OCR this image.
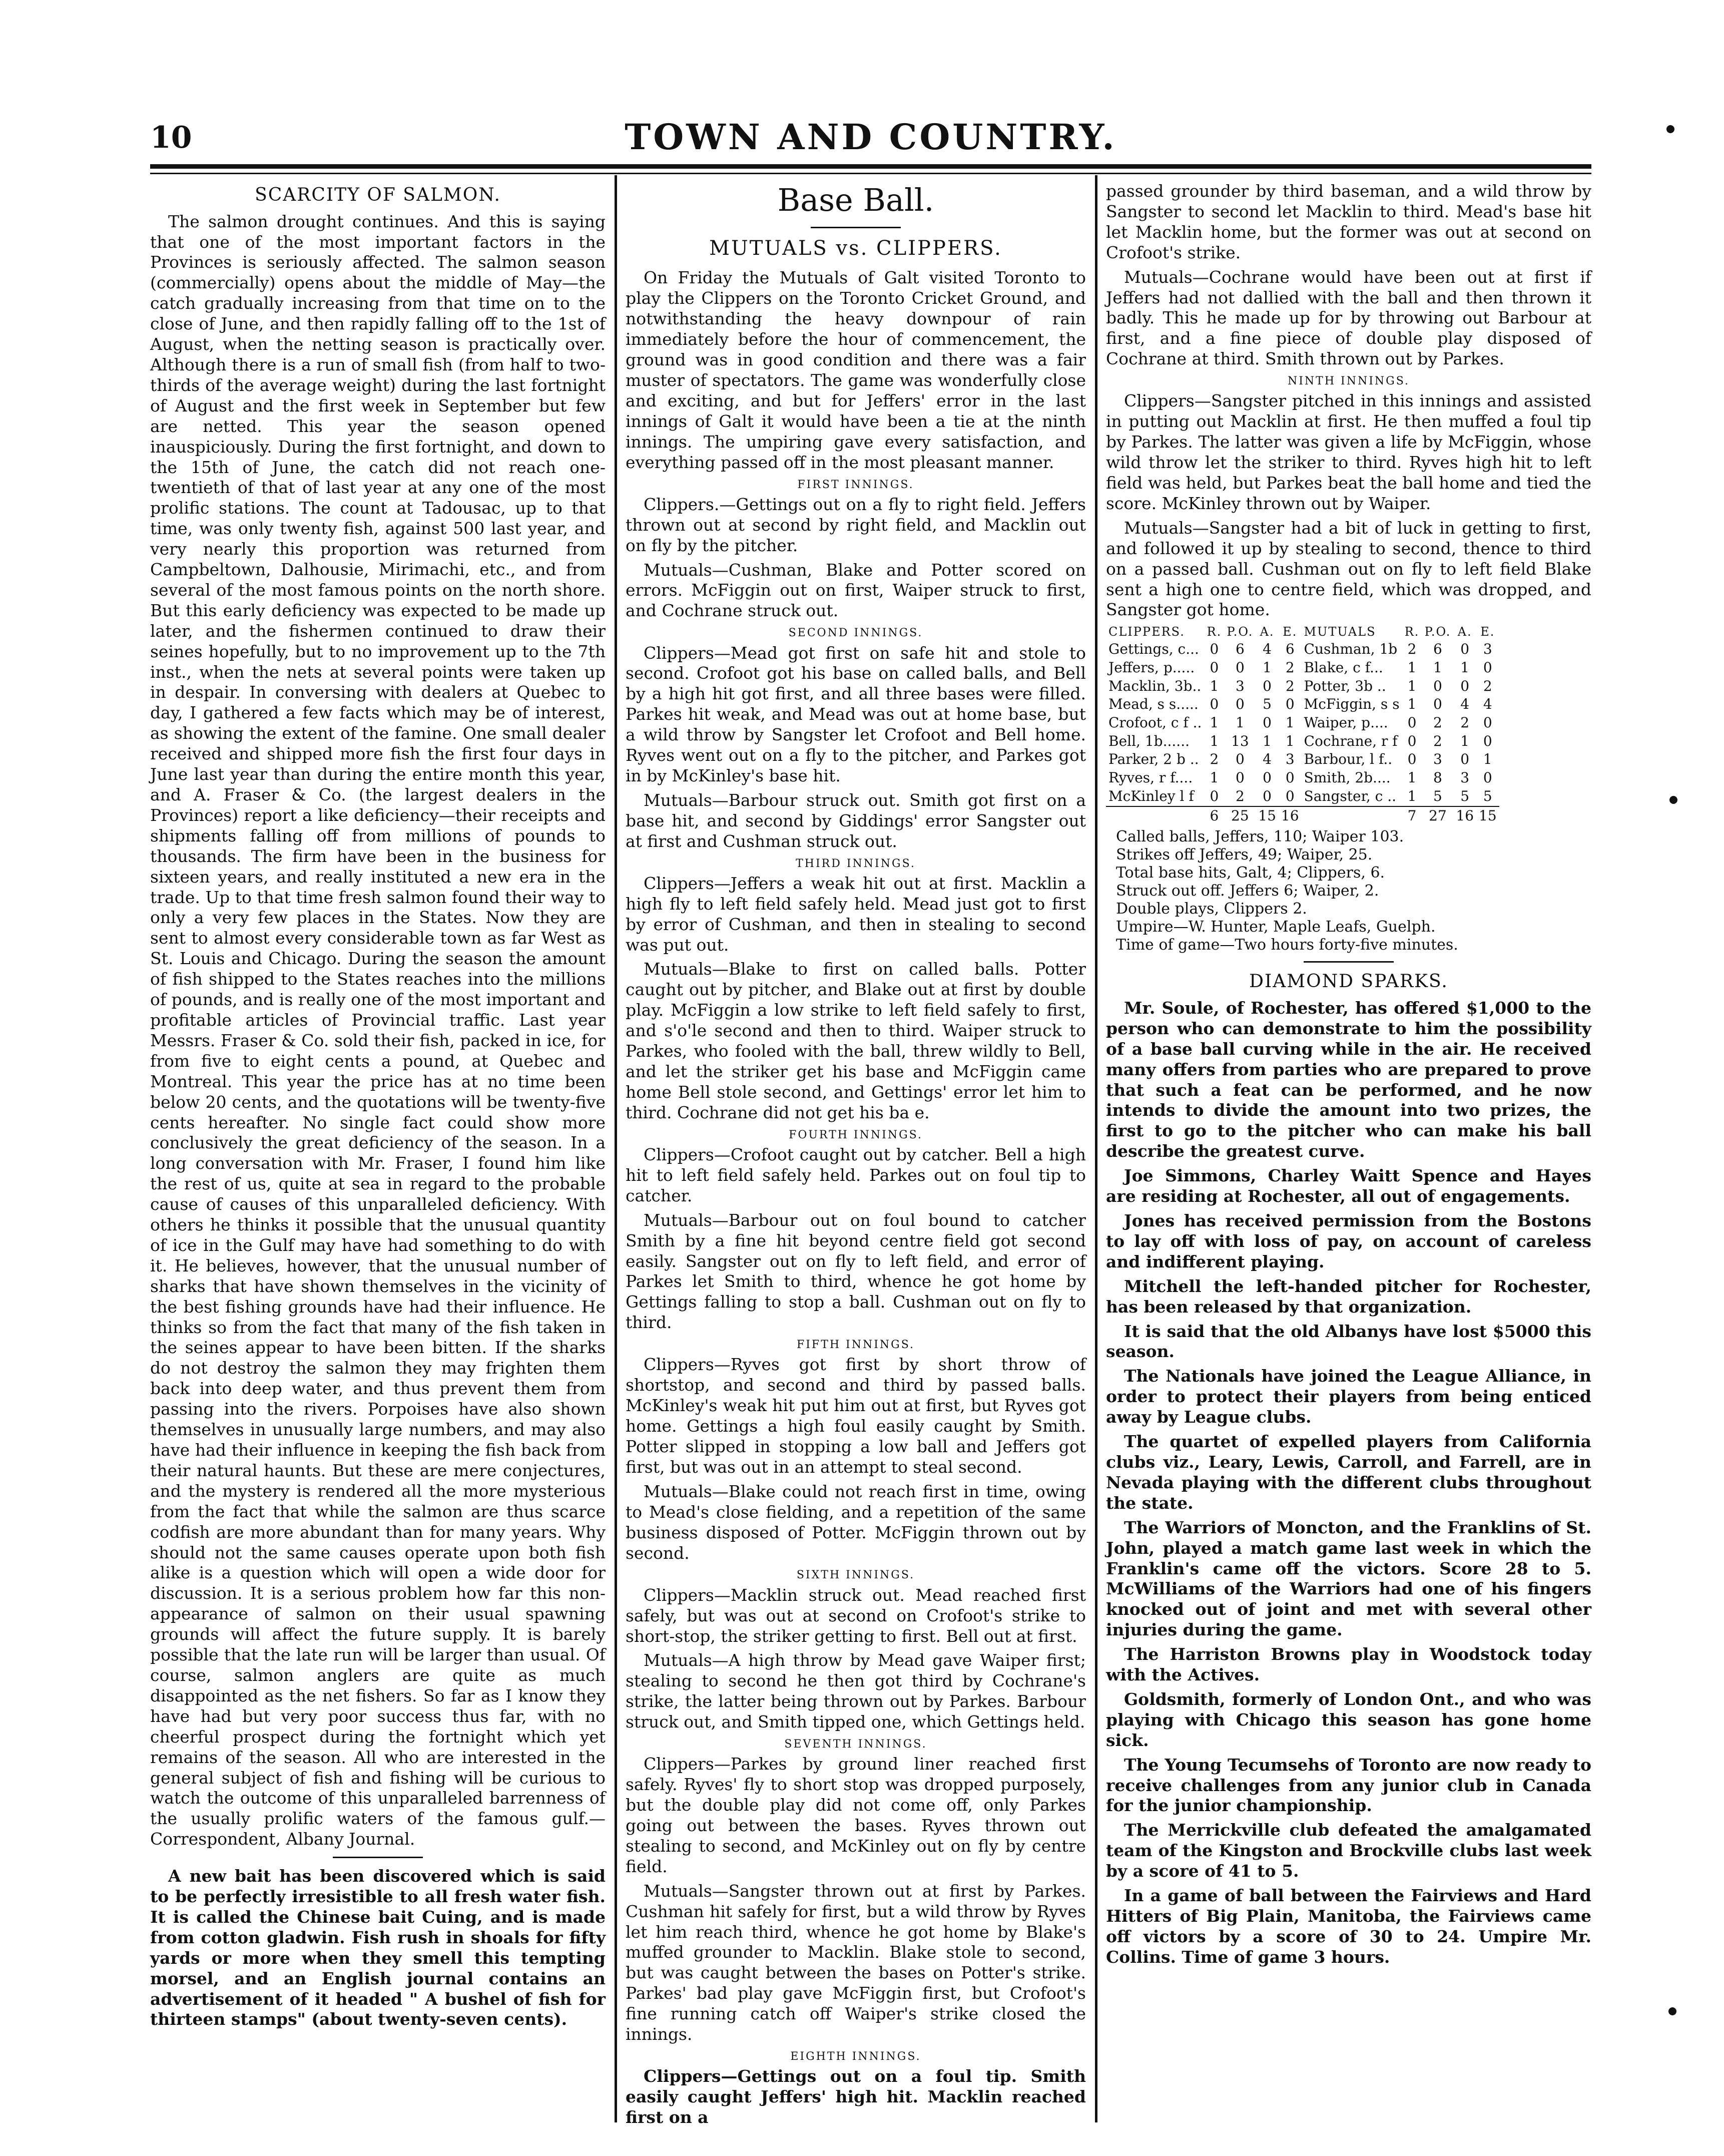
10	TOWN AND COUNTRY.
SCARCITY OF SALMON.

The salmon drought continues. And this is saying that one of the most important factors in the Provinces is seriously affected. The salmon season (commercially) opens about the middle of May—the catch gradually increasing from that time on to the close of June, and then rapidly falling off to the 1st of August, when the netting season is practically over. Although there is a run of small fish (from half to two-thirds of the average weight) during the last fortnight of August and the first week in September but few are netted. This year the season opened inauspiciously. During the first fortnight, and down to the 15th of June, the catch did not reach one-twentieth of that of last year at any one of the most prolific stations. The count at Tadousac, up to that time, was only twenty fish, against 500 last year, and very nearly this proportion was returned from Campbeltown, Dalhousie, Mirimachi, etc., and from several of the most famous points on the north shore. But this early deficiency was expected to be made up later, and the fishermen continued to draw their seines hopefully, but to no improvement up to the 7th inst., when the nets at several points were taken up in despair. In conversing with dealers at Quebec to day, I gathered a few facts which may be of interest, as showing the extent of the famine. One small dealer received and shipped more fish the first four days in June last year than during the entire month this year, and A. Fraser & Co. (the largest dealers in the Provinces) report a like deficiency—their receipts and shipments falling off from millions of pounds to thousands. The firm have been in the business for sixteen years, and really instituted a new era in the trade. Up to that time fresh salmon found their way to only a very few places in the States. Now they are sent to almost every considerable town as far West as St. Louis and Chicago. During the season the amount of fish shipped to the States reaches into the millions of pounds, and is really one of the most important and profitable articles of Provincial traffic. Last year Messrs. Fraser & Co. sold their fish, packed in ice, for from five to eight cents a pound, at Quebec and Montreal. This year the price has at no time been below 20 cents, and the quotations will be twenty-five cents hereafter. No single fact could show more conclusively the great deficiency of the season. In a long conversation with Mr. Fraser, I found him like the rest of us, quite at sea in regard to the probable cause of causes of this unparalleled deficiency. With others he thinks it possible that the unusual quantity of ice in the Gulf may have had something to do with it. He believes, however, that the unusual number of sharks that have shown themselves in the vicinity of the best fishing grounds have had their influence. He thinks so from the fact that many of the fish taken in the seines appear to have been bitten. If the sharks do not destroy the salmon they may frighten them back into deep water, and thus prevent them from passing into the rivers. Porpoises have also shown themselves in unusually large numbers, and may also have had their influence in keeping the fish back from their natural haunts. But these are mere conjectures, and the mystery is rendered all the more mysterious from the fact that while the salmon are thus scarce codfish are more abundant than for many years. Why should not the same causes operate upon both fish alike is a question which will open a wide door for discussion. It is a serious problem how far this non-appearance of salmon on their usual spawning grounds will affect the future supply. It is barely possible that the late run will be larger than usual. Of course, salmon anglers are quite as much disappointed as the net fishers. So far as I know they have had but very poor success thus far, with no cheerful prospect during the fortnight which yet remains of the season. All who are interested in the general subject of fish and fishing will be curious to watch the outcome of this unparalleled barrenness of the usually prolific waters of the famous gulf.—Correspondent, Albany Journal.

A new bait has been discovered which is said to be perfectly irresistible to all fresh water fish. It is called the Chinese bait Cuing, and is made from cotton gladwin. Fish rush in shoals for fifty yards or more when they smell this tempting morsel, and an English journal contains an advertisement of it headed " A bushel of fish for thirteen stamps" (about twenty-seven cents).

Base Ball.
MUTUALS vs. CLIPPERS.

On Friday the Mutuals of Galt visited Toronto to play the Clippers on the Toronto Cricket Ground, and notwithstanding the heavy downpour of rain immediately before the hour of commencement, the ground was in good condition and there was a fair muster of spectators. The game was wonderfully close and exciting, and but for Jeffers' error in the last innings of Galt it would have been a tie at the ninth innings. The umpiring gave every satisfaction, and everything passed off in the most pleasant manner.

FIRST INNINGS.

Clippers.—Gettings out on a fly to right field. Jeffers thrown out at second by right field, and Macklin out on fly by the pitcher.

Mutuals—Cushman, Blake and Potter scored on errors. McFiggin out on first, Waiper struck to first, and Cochrane struck out.

SECOND INNINGS.

Clippers—Mead got first on safe hit and stole to second. Crofoot got his base on called balls, and Bell by a high hit got first, and all three bases were filled. Parkes hit weak, and Mead was out at home base, but a wild throw by Sangster let Crofoot and Bell home. Ryves went out on a fly to the pitcher, and Parkes got in by McKinley's base hit.

Mutuals—Barbour struck out. Smith got first on a base hit, and second by Giddings' error Sangster out at first and Cushman struck out.

THIRD INNINGS.

Clippers—Jeffers a weak hit out at first. Macklin a high fly to left field safely held. Mead just got to first by error of Cushman, and then in stealing to second was put out.

Mutuals—Blake to first on called balls. Potter caught out by pitcher, and Blake out at first by double play. McFiggin a low strike to left field safely to first, and s'o'le second and then to third. Waiper struck to Parkes, who fooled with the ball, threw wildly to Bell, and let the striker get his base and McFiggin came home Bell stole second, and Gettings' error let him to third. Cochrane did not get his ba e.

FOURTH INNINGS.

Clippers—Crofoot caught out by catcher. Bell a high hit to left field safely held. Parkes out on foul tip to catcher.

Mutuals—Barbour out on foul bound to catcher Smith by a fine hit beyond centre field got second easily. Sangster out on fly to left field, and error of Parkes let Smith to third, whence he got home by Gettings falling to stop a ball. Cushman out on fly to third.

FIFTH INNINGS.

Clippers—Ryves got first by short throw of shortstop, and second and third by passed balls. McKinley's weak hit put him out at first, but Ryves got home. Gettings a high foul easily caught by Smith. Potter slipped in stopping a low ball and Jeffers got first, but was out in an attempt to steal second.

Mutuals—Blake could not reach first in time, owing to Mead's close fielding, and a repetition of the same business disposed of Potter. McFiggin thrown out by second.

SIXTH INNINGS.

Clippers—Macklin struck out. Mead reached first safely, but was out at second on Crofoot's strike to short-stop, the striker getting to first. Bell out at first.

Mutuals—A high throw by Mead gave Waiper first; stealing to second he then got third by Cochrane's strike, the latter being thrown out by Parkes. Barbour struck out, and Smith tipped one, which Gettings held.

SEVENTH INNINGS.

Clippers—Parkes by ground liner reached first safely. Ryves' fly to short stop was dropped purposely, but the double play did not come off, only Parkes going out between the bases. Ryves thrown out stealing to second, and McKinley out on fly by centre field.

Mutuals—Sangster thrown out at first by Parkes. Cushman hit safely for first, but a wild throw by Ryves let him reach third, whence he got home by Blake's muffed grounder to Macklin. Blake stole to second, but was caught between the bases on Potter's strike. Parkes' bad play gave McFiggin first, but Crofoot's fine running catch off Waiper's strike closed the innings.

EIGHTH INNINGS.

Clippers—Gettings out on a foul tip. Smith easily caught Jeffers' high hit. Macklin reached first on a

passed grounder by third baseman, and a wild throw by Sangster to second let Macklin to third. Mead's base hit let Macklin home, but the former was out at second on Crofoot's strike.

Mutuals—Cochrane would have been out at first if Jeffers had not dallied with the ball and then thrown it badly. This he made up for by throwing out Barbour at first, and a fine piece of double play disposed of Cochrane at third. Smith thrown out by Parkes.

NINTH INNINGS.

Clippers—Sangster pitched in this innings and assisted in putting out Macklin at first. He then muffed a foul tip by Parkes. The latter was given a life by McFiggin, whose wild throw let the striker to third. Ryves high hit to left field was held, but Parkes beat the ball home and tied the score. McKinley thrown out by Waiper.

Mutuals—Sangster had a bit of luck in getting to first, and followed it up by stealing to second, thence to third on a passed ball. Cushman out on fly to left field Blake sent a high one to centre field, which was dropped, and Sangster got home.

CLIPPERS.	R.	P.O.	A.	E.	MUTUALS	R.	P.O.	A.	E.
Gettings, c...	0	6	4	6	Cushman, 1b	2	6	0	3
Jeffers, p.....	0	0	1	2	Blake, c f...	1	1	1	0
Macklin, 3b..	1	3	0	2	Potter, 3b ..	1	0	0	2
Mead, s s.....	0	0	5	0	McFiggin, s s	1	0	4	4
Crofoot, c f ..	1	1	0	1	Waiper, p....	0	2	2	0
Bell, 1b......	1	13	1	1	Cochrane, r f	0	2	1	0
Parker, 2 b ..	2	0	4	3	Barbour, l f..	0	3	0	1
Ryves, r f....	1	0	0	0	Smith, 2b....	1	8	3	0
McKinley l f	0	2	0	0	Sangster, c ..	1	5	5	5
	6	25	15	16		7	27	16	15
Called balls, Jeffers, 110; Waiper 103.
Strikes off Jeffers, 49; Waiper, 25.
Total base hits, Galt, 4; Clippers, 6.
Struck out off. Jeffers 6; Waiper, 2.
Double plays, Clippers 2.
Umpire—W. Hunter, Maple Leafs, Guelph.
Time of game—Two hours forty-five minutes.
DIAMOND SPARKS.

Mr. Soule, of Rochester, has offered $1,000 to the person who can demonstrate to him the possibility of a base ball curving while in the air. He received many offers from parties who are prepared to prove that such a feat can be performed, and he now intends to divide the amount into two prizes, the first to go to the pitcher who can make his ball describe the greatest curve.

Joe Simmons, Charley Waitt Spence and Hayes are residing at Rochester, all out of engagements.

Jones has received permission from the Bostons to lay off with loss of pay, on account of careless and indifferent playing.

Mitchell the left-handed pitcher for Rochester, has been released by that organization.

It is said that the old Albanys have lost $5000 this season.

The Nationals have joined the League Alliance, in order to protect their players from being enticed away by League clubs.

The quartet of expelled players from California clubs viz., Leary, Lewis, Carroll, and Farrell, are in Nevada playing with the different clubs throughout the state.

The Warriors of Moncton, and the Franklins of St. John, played a match game last week in which the Franklin's came off the victors. Score 28 to 5. McWilliams of the Warriors had one of his fingers knocked out of joint and met with several other injuries during the game.

The Harriston Browns play in Woodstock today with the Actives.

Goldsmith, formerly of London Ont., and who was playing with Chicago this season has gone home sick.

The Young Tecumsehs of Toronto are now ready to receive challenges from any junior club in Canada for the junior championship.

The Merrickville club defeated the amalgamated team of the Kingston and Brockville clubs last week by a score of 41 to 5.

In a game of ball between the Fairviews and Hard Hitters of Big Plain, Manitoba, the Fairviews came off victors by a score of 30 to 24. Umpire Mr. Collins. Time of game 3 hours.
